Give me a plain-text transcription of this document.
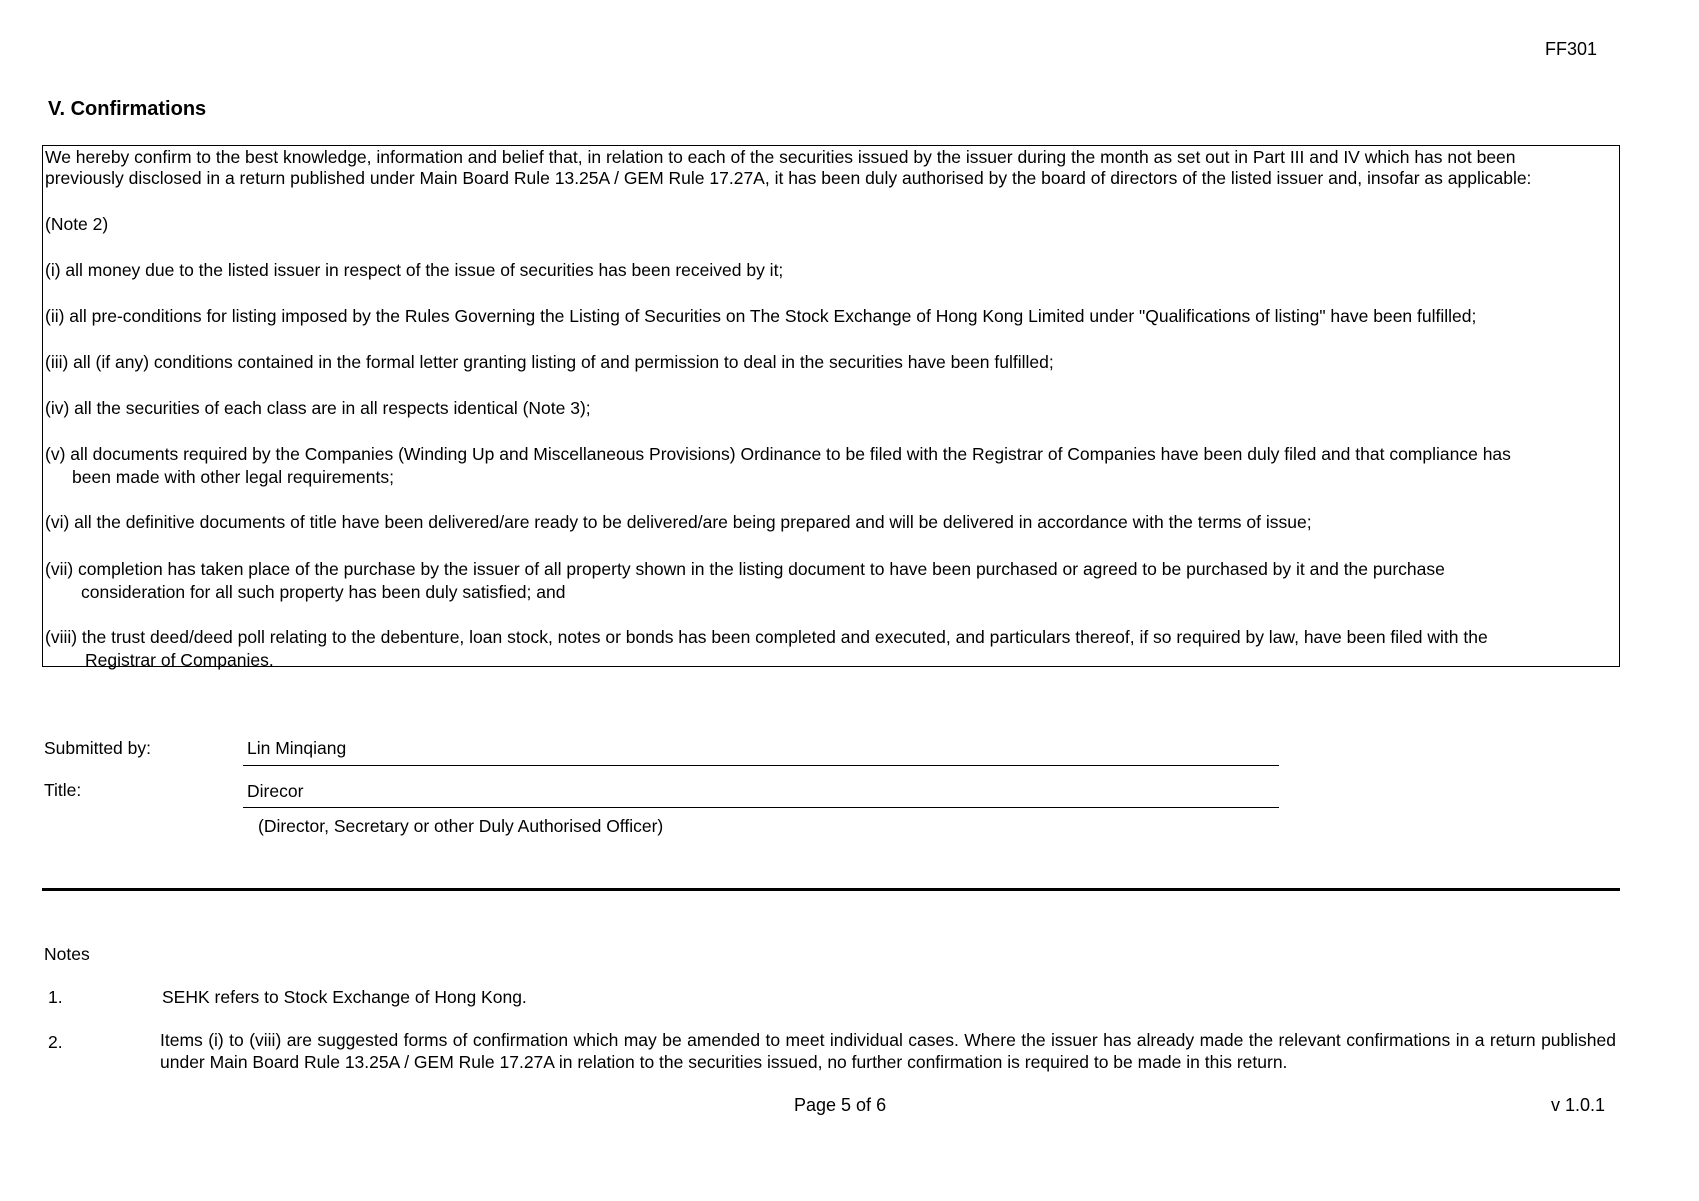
FF301
V. Confirmations
We hereby confirm to the best knowledge, information and belief that, in relation to each of the securities issued by the issuer during the month as set out in Part III and IV which has not been
previously disclosed in a return published under Main Board Rule 13.25A / GEM Rule 17.27A, it has been duly authorised by the board of directors of the listed issuer and, insofar as applicable:
(Note 2)
(i) all money due to the listed issuer in respect of the issue of securities has been received by it;
(ii) all pre-conditions for listing imposed by the Rules Governing the Listing of Securities on The Stock Exchange of Hong Kong Limited under "Qualifications of listing" have been fulfilled;
(iii) all (if any) conditions contained in the formal letter granting listing of and permission to deal in the securities have been fulfilled;
(iv) all the securities of each class are in all respects identical (Note 3);
(v) all documents required by the Companies (Winding Up and Miscellaneous Provisions) Ordinance to be filed with the Registrar of Companies have been duly filed and that compliance has
been made with other legal requirements;
(vi) all the definitive documents of title have been delivered/are ready to be delivered/are being prepared and will be delivered in accordance with the terms of issue;
(vii) completion has taken place of the purchase by the issuer of all property shown in the listing document to have been purchased or agreed to be purchased by it and the purchase
consideration for all such property has been duly satisfied; and
(viii) the trust deed/deed poll relating to the debenture, loan stock, notes or bonds has been completed and executed, and particulars thereof, if so required by law, have been filed with the
Registrar of Companies.
Submitted by:	Lin Minqiang
Title:	Direcor
(Director, Secretary or other Duly Authorised Officer)
Notes
1.	SEHK refers to Stock Exchange of Hong Kong.
2.	Items (i) to (viii) are suggested forms of confirmation which may be amended to meet individual cases. Where the issuer has already made the relevant confirmations in a return published under Main Board Rule 13.25A / GEM Rule 17.27A in relation to the securities issued, no further confirmation is required to be made in this return.
Page 5 of 6	v 1.0.1
